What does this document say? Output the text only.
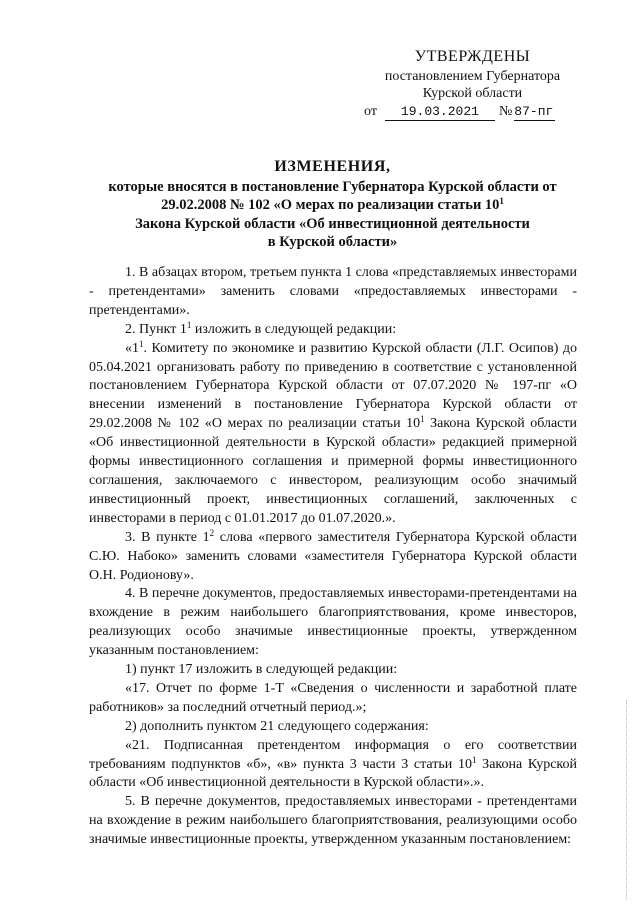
УТВЕРЖДЕНЫ
постановлением Губернатора
Курской области
от	19.03.2021	№ 87-пг
ИЗМЕНЕНИЯ,
которые вносятся в постановление Губернатора Курской области от
29.02.2008 № 102 «О мерах по реализации статьи $10^1$
Закона Курской области «Об инвестиционной деятельности
в Курской области»

1. В абзацах втором, третьем пункта 1 слова «представляемых инвесторами - претендентами» заменить словами «предоставляемых инвесторами - претендентами».

2. Пункт $1^1$ изложить в следующей редакции:

«$1^1$. Комитету по экономике и развитию Курской области (Л.Г. Осипов) до 05.04.2021 организовать работу по приведению в соответствие с установленной постановлением Губернатора Курской области от 07.07.2020 № 197-пг «О внесении изменений в постановление Губернатора Курской области от 29.02.2008 № 102 «О мерах по реализации статьи $10^1$ Закона Курской области «Об инвестиционной деятельности в Курской области» редакцией примерной формы инвестиционного соглашения и примерной формы инвестиционного соглашения, заключаемого с инвестором, реализующим особо значимый инвестиционный проект, инвестиционных соглашений, заключенных с инвесторами в период с 01.01.2017 до 01.07.2020.».

3. В пункте $1^2$ слова «первого заместителя Губернатора Курской области С.Ю. Набоко» заменить словами «заместителя Губернатора Курской области О.Н. Родионову».

4. В перечне документов, предоставляемых инвесторами-претендентами на вхождение в режим наибольшего благоприятствования, кроме инвесторов, реализующих особо значимые инвестиционные проекты, утвержденном указанным постановлением:

1) пункт 17 изложить в следующей редакции:

«17. Отчет по форме 1-Т «Сведения о численности и заработной плате работников» за последний отчетный период.»;

2) дополнить пунктом 21 следующего содержания:

«21. Подписанная претендентом информация о его соответствии требованиям подпунктов «б», «в» пункта 3 части 3 статьи $10^1$ Закона Курской области «Об инвестиционной деятельности в Курской области».».

5. В перечне документов, предоставляемых инвесторами - претендентами на вхождение в режим наибольшего благоприятствования, реализующими особо значимые инвестиционные проекты, утвержденном указанным постановлением:
